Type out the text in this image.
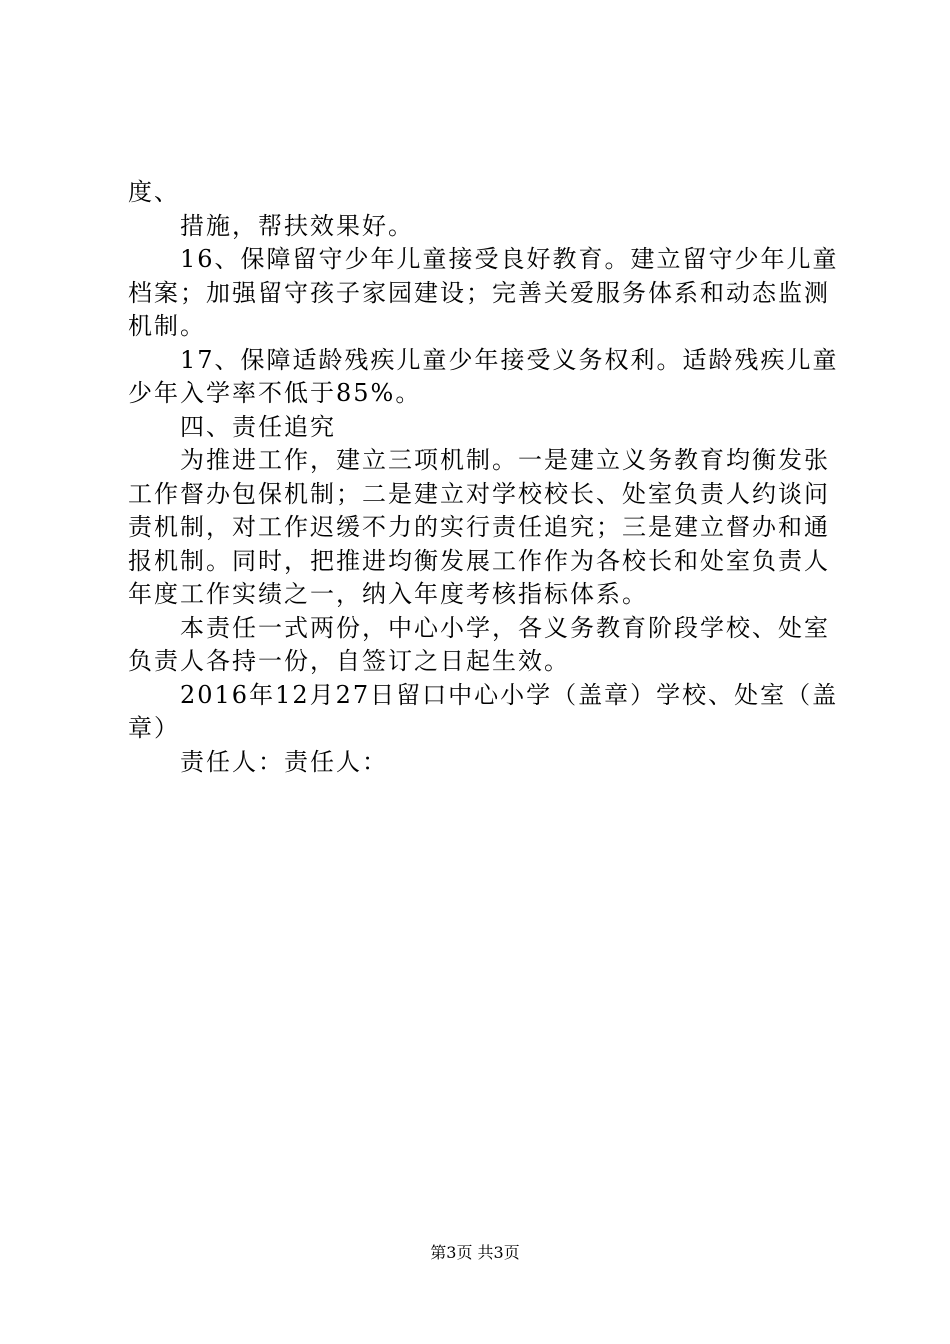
度、
措施，帮扶效果好。
16、保障留守少年儿童接受良好教育。建立留守少年儿童
档案；加强留守孩子家园建设；完善关爱服务体系和动态监测
机制。
17、保障适龄残疾儿童少年接受义务权利。适龄残疾儿童
少年入学率不低于85%。
四、责任追究
为推进工作，建立三项机制。一是建立义务教育均衡发张
工作督办包保机制；二是建立对学校校长、处室负责人约谈问
责机制，对工作迟缓不力的实行责任追究；三是建立督办和通
报机制。同时，把推进均衡发展工作作为各校长和处室负责人
年度工作实绩之一，纳入年度考核指标体系。
本责任一式两份，中心小学，各义务教育阶段学校、处室
负责人各持一份，自签订之日起生效。
2016年12月27日留口中心小学（盖章）学校、处室（盖
章）
责任人：责任人：
第3页 共3页
